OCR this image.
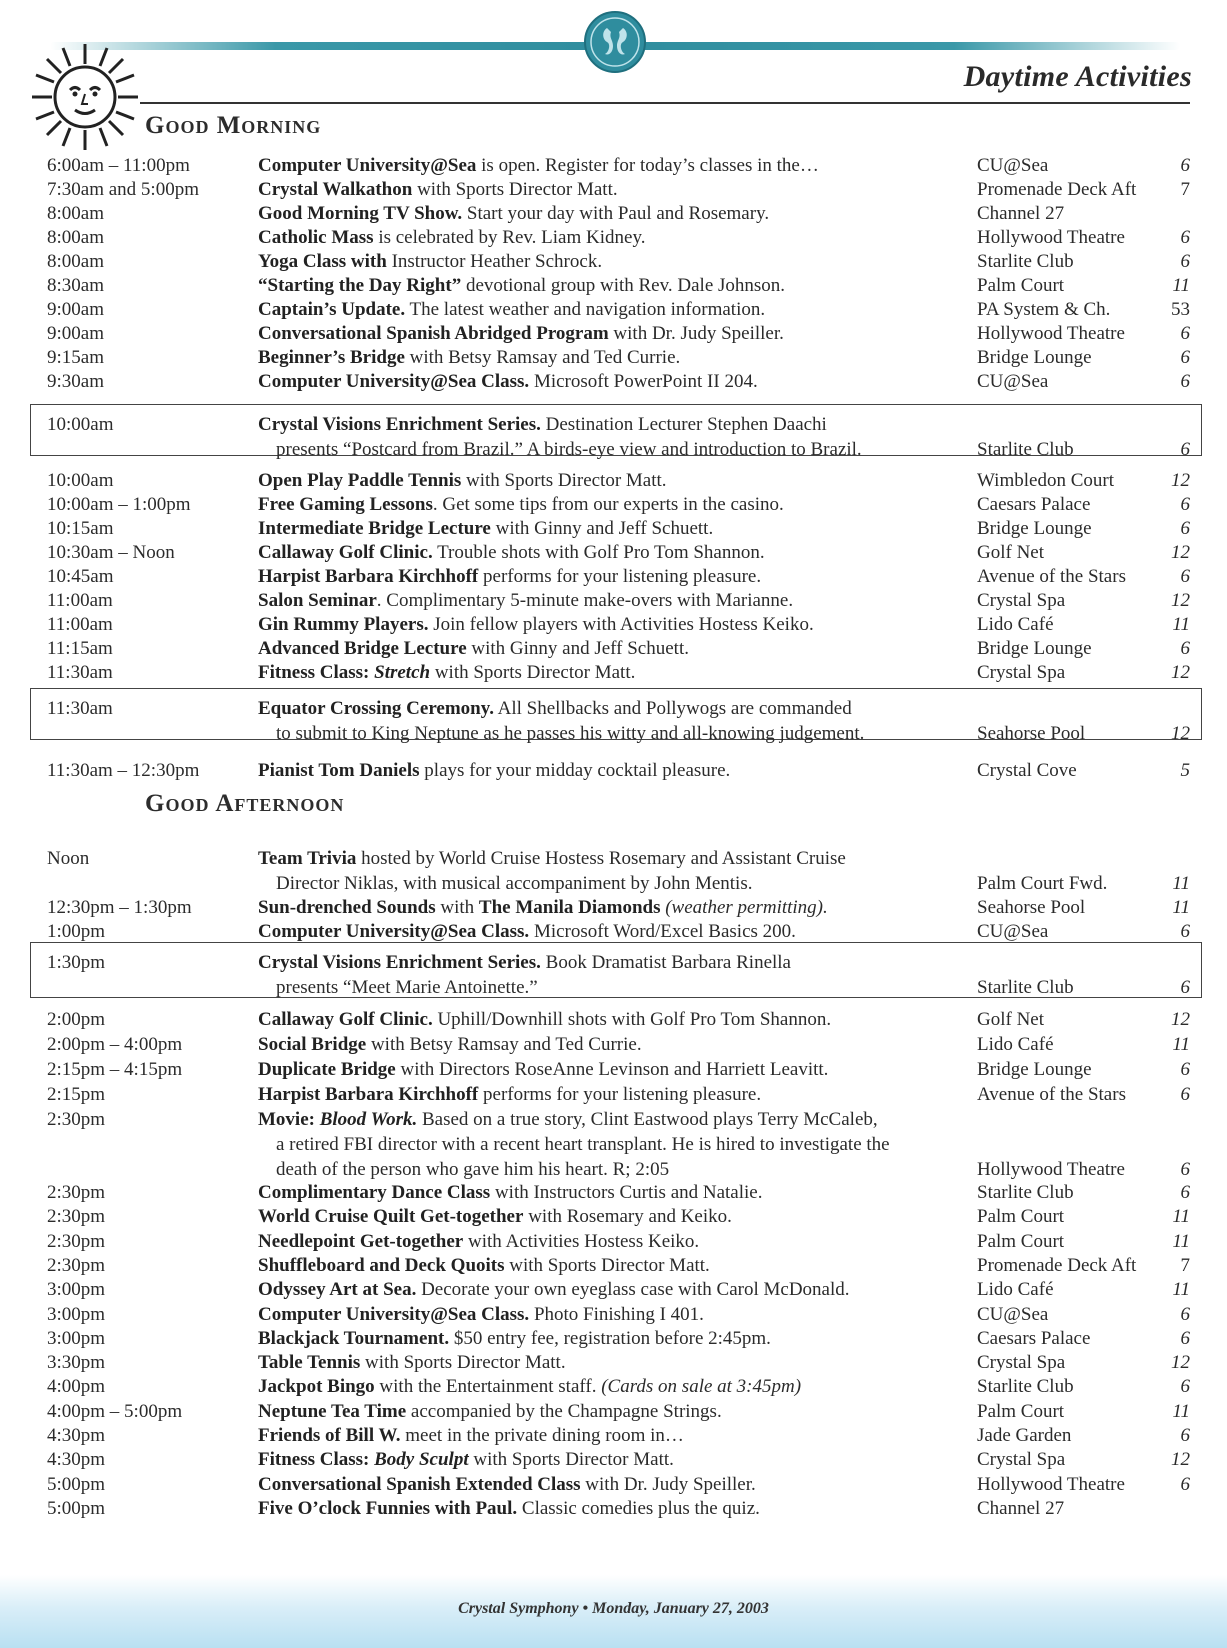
Daytime Activities
Good Morning
6:00am – 11:00pm	Computer University@Sea is open. Register for today’s classes in the…	CU@Sea	6
7:30am and 5:00pm	Crystal Walkathon with Sports Director Matt.	Promenade Deck Aft	7
8:00am	Good Morning TV Show. Start your day with Paul and Rosemary.	Channel 27
8:00am	Catholic Mass is celebrated by Rev. Liam Kidney.	Hollywood Theatre	6
8:00am	Yoga Class with Instructor Heather Schrock.	Starlite Club	6
8:30am	“Starting the Day Right” devotional group with Rev. Dale Johnson.	Palm Court	11
9:00am	Captain’s Update. The latest weather and navigation information.	PA System & Ch.	53
9:00am	Conversational Spanish Abridged Program with Dr. Judy Speiller.	Hollywood Theatre	6
9:15am	Beginner’s Bridge with Betsy Ramsay and Ted Currie.	Bridge Lounge	6
9:30am	Computer University@Sea Class. Microsoft PowerPoint II 204.	CU@Sea	6
10:00am	Crystal Visions Enrichment Series. Destination Lecturer Stephen Daachi
presents “Postcard from Brazil.” A birds-eye view and introduction to Brazil.	Starlite Club	6
10:00am	Open Play Paddle Tennis with Sports Director Matt.	Wimbledon Court	12
10:00am – 1:00pm	Free Gaming Lessons. Get some tips from our experts in the casino.	Caesars Palace	6
10:15am	Intermediate Bridge Lecture with Ginny and Jeff Schuett.	Bridge Lounge	6
10:30am – Noon	Callaway Golf Clinic. Trouble shots with Golf Pro Tom Shannon.	Golf Net	12
10:45am	Harpist Barbara Kirchhoff performs for your listening pleasure.	Avenue of the Stars	6
11:00am	Salon Seminar. Complimentary 5-minute make-overs with Marianne.	Crystal Spa	12
11:00am	Gin Rummy Players. Join fellow players with Activities Hostess Keiko.	Lido Café	11
11:15am	Advanced Bridge Lecture with Ginny and Jeff Schuett.	Bridge Lounge	6
11:30am	Fitness Class: Stretch with Sports Director Matt.	Crystal Spa	12
11:30am	Equator Crossing Ceremony. All Shellbacks and Pollywogs are commanded
to submit to King Neptune as he passes his witty and all-knowing judgement.	Seahorse Pool	12
11:30am – 12:30pm	Pianist Tom Daniels plays for your midday cocktail pleasure.	Crystal Cove	5
Noon	Team Trivia hosted by World Cruise Hostess Rosemary and Assistant Cruise
Director Niklas, with musical accompaniment by John Mentis.	Palm Court Fwd.	11
12:30pm – 1:30pm	Sun-drenched Sounds with The Manila Diamonds (weather permitting).	Seahorse Pool	11
1:00pm	Computer University@Sea Class. Microsoft Word/Excel Basics 200.	CU@Sea	6
1:30pm	Crystal Visions Enrichment Series. Book Dramatist Barbara Rinella
presents “Meet Marie Antoinette.”	Starlite Club	6
2:00pm	Callaway Golf Clinic. Uphill/Downhill shots with Golf Pro Tom Shannon.	Golf Net	12
2:00pm – 4:00pm	Social Bridge with Betsy Ramsay and Ted Currie.	Lido Café	11
2:15pm – 4:15pm	Duplicate Bridge with Directors RoseAnne Levinson and Harriett Leavitt.	Bridge Lounge	6
2:15pm	Harpist Barbara Kirchhoff performs for your listening pleasure.	Avenue of the Stars	6
2:30pm	Movie: Blood Work. Based on a true story, Clint Eastwood plays Terry McCaleb,
a retired FBI director with a recent heart transplant. He is hired to investigate the
death of the person who gave him his heart. R; 2:05	Hollywood Theatre	6
2:30pm	Complimentary Dance Class with Instructors Curtis and Natalie.	Starlite Club	6
2:30pm	World Cruise Quilt Get-together with Rosemary and Keiko.	Palm Court	11
2:30pm	Needlepoint Get-together with Activities Hostess Keiko.	Palm Court	11
2:30pm	Shuffleboard and Deck Quoits with Sports Director Matt.	Promenade Deck Aft	7
3:00pm	Odyssey Art at Sea. Decorate your own eyeglass case with Carol McDonald.	Lido Café	11
3:00pm	Computer University@Sea Class. Photo Finishing I 401.	CU@Sea	6
3:00pm	Blackjack Tournament. $50 entry fee, registration before 2:45pm.	Caesars Palace	6
3:30pm	Table Tennis with Sports Director Matt.	Crystal Spa	12
4:00pm	Jackpot Bingo with the Entertainment staff. (Cards on sale at 3:45pm)	Starlite Club	6
4:00pm – 5:00pm	Neptune Tea Time accompanied by the Champagne Strings.	Palm Court	11
4:30pm	Friends of Bill W. meet in the private dining room in…	Jade Garden	6
4:30pm	Fitness Class: Body Sculpt with Sports Director Matt.	Crystal Spa	12
5:00pm	Conversational Spanish Extended Class with Dr. Judy Speiller.	Hollywood Theatre	6
5:00pm	Five O’clock Funnies with Paul. Classic comedies plus the quiz.	Channel 27
Good Afternoon
Crystal Symphony • Monday, January 27, 2003
